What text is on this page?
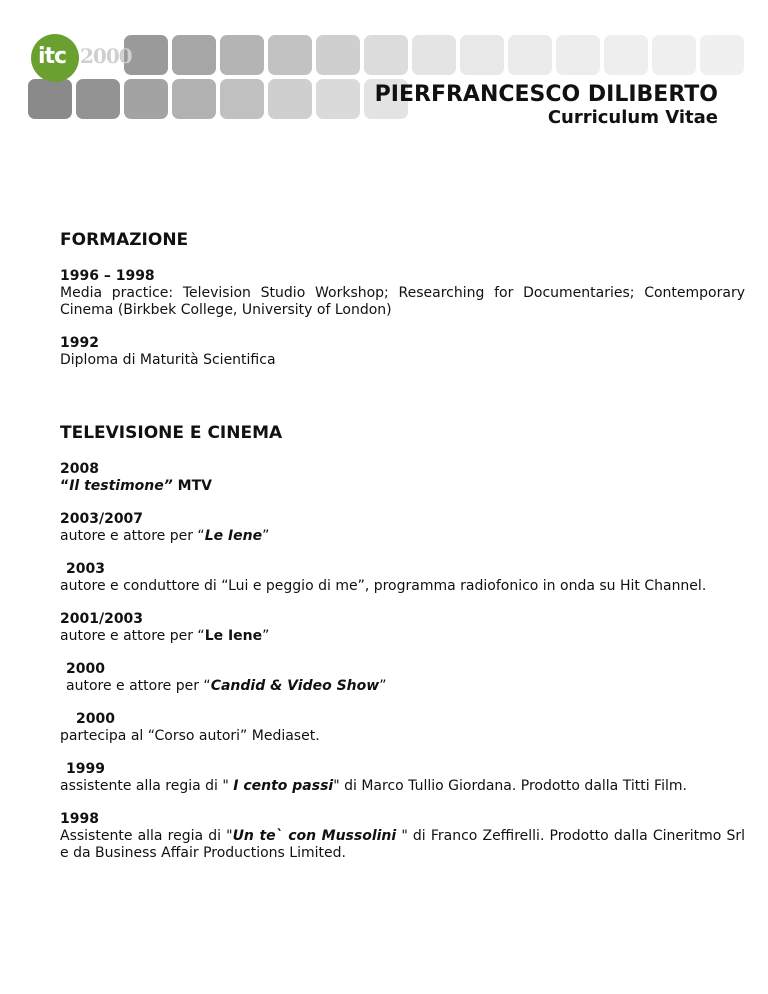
itc 2000
PIERFRANCESCO DILIBERTO
Curriculum Vitae
FORMAZIONE
1996 – 1998
Media practice: Television Studio Workshop; Researching for Documentaries; Contemporary Cinema (Birkbek College, University of London)
1992
Diploma di Maturità Scientifica
TELEVISIONE E CINEMA
2008
“Il testimone” MTV
2003/2007
autore e attore per “Le Iene”
2003
autore e conduttore di “Lui e peggio di me”, programma radiofonico in onda su Hit Channel.
2001/2003
autore e attore per “Le Iene”
2000
autore e attore per “Candid & Video Show”
2000
partecipa al “Corso autori” Mediaset.
1999
assistente alla regia di " I cento passi" di Marco Tullio Giordana. Prodotto dalla Titti Film.
1998
Assistente alla regia di "Un te` con Mussolini " di Franco Zeffirelli. Prodotto dalla Cineritmo Srl e da Business Affair Productions Limited.
